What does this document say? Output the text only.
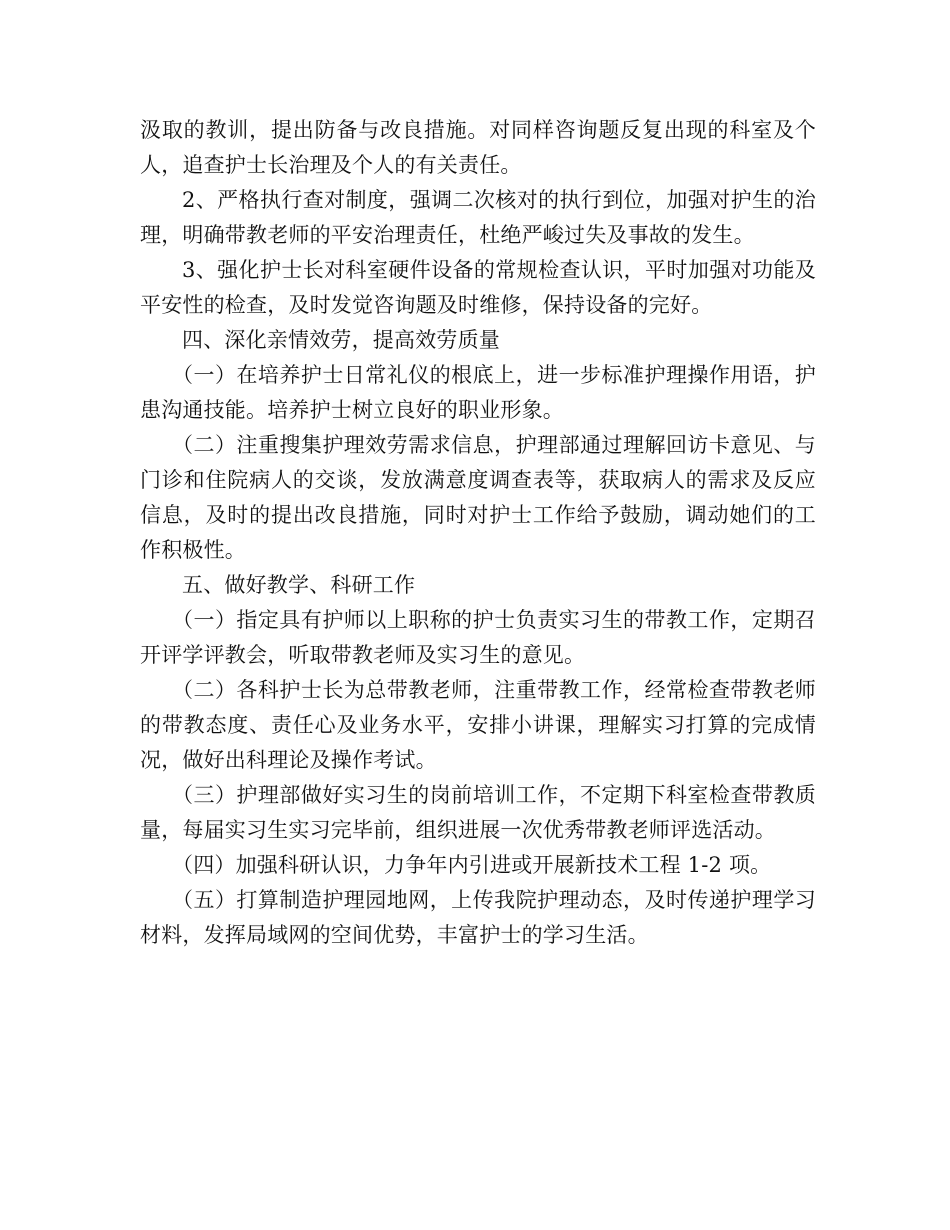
汲取的教训，提出防备与改良措施。对同样咨询题反复出现的科室及个人，追查护士长治理及个人的有关责任。

2、严格执行查对制度，强调二次核对的执行到位，加强对护生的治理，明确带教老师的平安治理责任，杜绝严峻过失及事故的发生。

3、强化护士长对科室硬件设备的常规检查认识，平时加强对功能及平安性的检查，及时发觉咨询题及时维修，保持设备的完好。

四、深化亲情效劳，提高效劳质量

（一）在培养护士日常礼仪的根底上，进一步标准护理操作用语，护患沟通技能。培养护士树立良好的职业形象。

（二）注重搜集护理效劳需求信息，护理部通过理解回访卡意见、与门诊和住院病人的交谈，发放满意度调查表等，获取病人的需求及反应信息，及时的提出改良措施，同时对护士工作给予鼓励，调动她们的工作积极性。

五、做好教学、科研工作

（一）指定具有护师以上职称的护士负责实习生的带教工作，定期召开评学评教会，听取带教老师及实习生的意见。

（二）各科护士长为总带教老师，注重带教工作，经常检查带教老师的带教态度、责任心及业务水平，安排小讲课，理解实习打算的完成情况，做好出科理论及操作考试。

（三）护理部做好实习生的岗前培训工作，不定期下科室检查带教质量，每届实习生实习完毕前，组织进展一次优秀带教老师评选活动。

（四）加强科研认识，力争年内引进或开展新技术工程 1-2 项。

（五）打算制造护理园地网，上传我院护理动态，及时传递护理学习材料，发挥局域网的空间优势，丰富护士的学习生活。
